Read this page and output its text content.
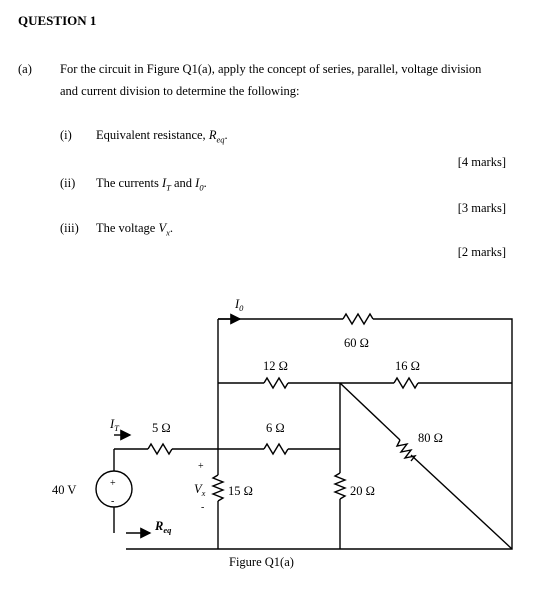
QUESTION 1
(a) For the circuit in Figure Q1(a), apply the concept of series, parallel, voltage division
and current division to determine the following:
(i) Equivalent resistance, $R_{eq}$.
[4 marks]
(ii) The currents $I_T$ and $I_0$.
[3 marks]
(iii) The voltage $V_x$.
[2 marks]
$I_0$
60 Ω
12 Ω	16 Ω
$I_T$	5 Ω	6 Ω
80 Ω
40 V	+
-
+
$V_x$
-
15 Ω	20 Ω
$R_{eq}$
Figure Q1(a)
